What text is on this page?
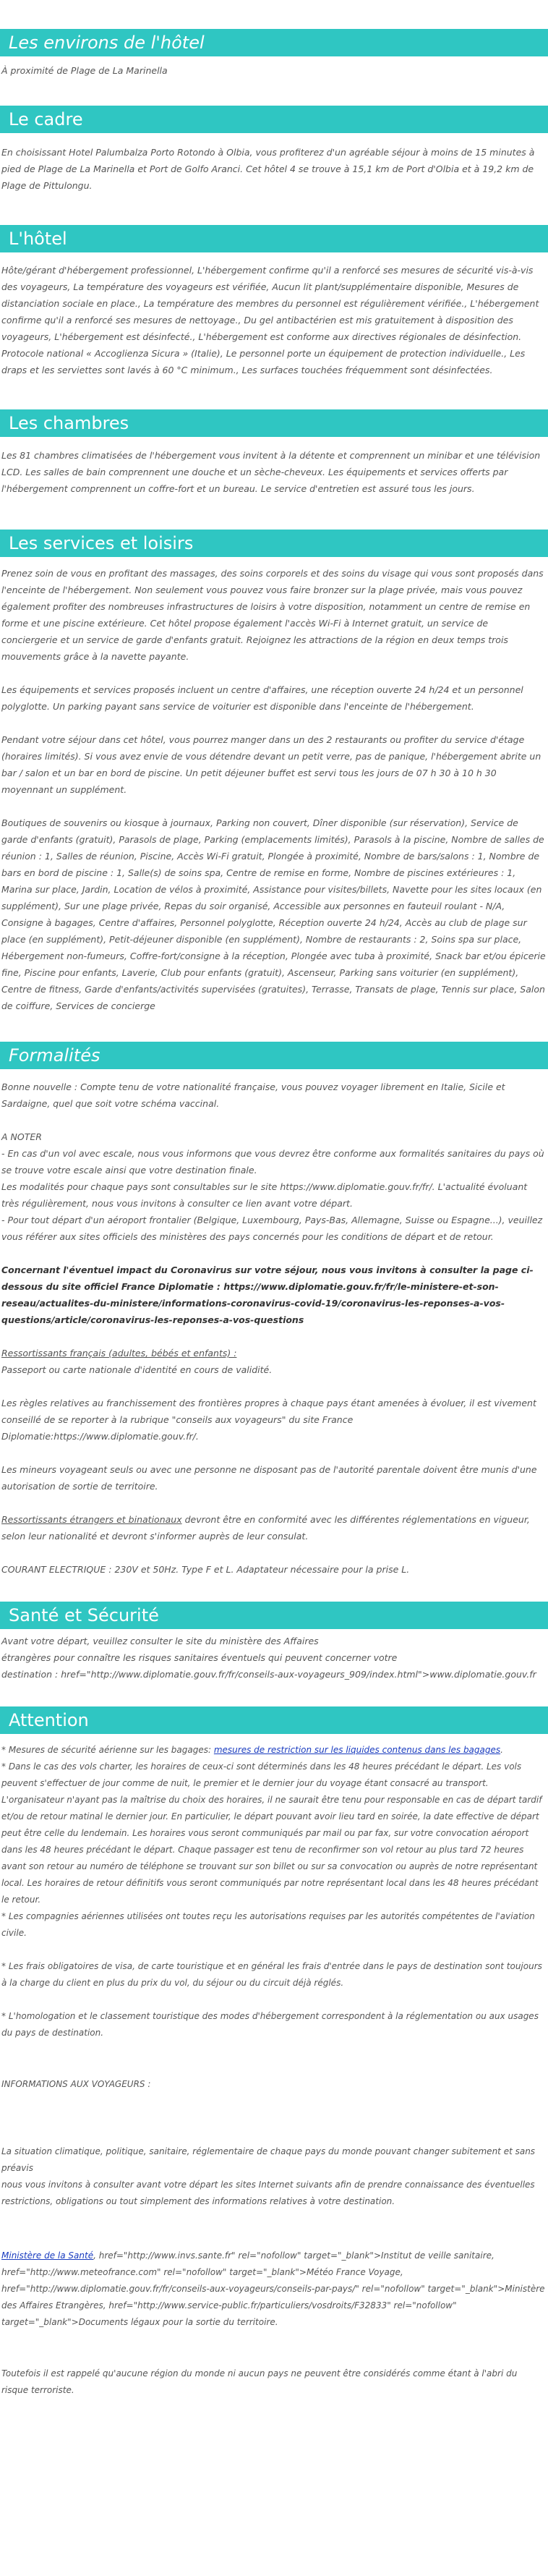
Les environs de l'hôtel

À proximité de Plage de La Marinella

Le cadre

En choisissant Hotel Palumbalza Porto Rotondo à Olbia, vous profiterez d'un agréable séjour à moins de 15 minutes à pied de Plage de La Marinella et Port de Golfo Aranci. Cet hôtel 4 se trouve à 15,1 km de Port d'Olbia et à 19,2 km de Plage de Pittulongu.

L'hôtel

Hôte/gérant d'hébergement professionnel, L'hébergement confirme qu'il a renforcé ses mesures de sécurité vis-à-vis des voyageurs, La température des voyageurs est vérifiée, Aucun lit plant/supplémentaire disponible, Mesures de distanciation sociale en place., La température des membres du personnel est régulièrement vérifiée., L'hébergement confirme qu'il a renforcé ses mesures de nettoyage., Du gel antibactérien est mis gratuitement à disposition des voyageurs, L'hébergement est désinfecté., L'hébergement est conforme aux directives régionales de désinfection. Protocole national « Accoglienza Sicura » (Italie), Le personnel porte un équipement de protection individuelle., Les draps et les serviettes sont lavés à 60 °C minimum., Les surfaces touchées fréquemment sont désinfectées.

Les chambres

Les 81 chambres climatisées de l'hébergement vous invitent à la détente et comprennent un minibar et une télévision LCD. Les salles de bain comprennent une douche et un sèche-cheveux. Les équipements et services offerts par l'hébergement comprennent un coffre-fort et un bureau. Le service d'entretien est assuré tous les jours.

Les services et loisirs

Prenez soin de vous en profitant des massages, des soins corporels et des soins du visage qui vous sont proposés dans l'enceinte de l'hébergement. Non seulement vous pouvez vous faire bronzer sur la plage privée, mais vous pouvez également profiter des nombreuses infrastructures de loisirs à votre disposition, notamment un centre de remise en forme et une piscine extérieure. Cet hôtel propose également l'accès Wi-Fi à Internet gratuit, un service de conciergerie et un service de garde d'enfants gratuit. Rejoignez les attractions de la région en deux temps trois mouvements grâce à la navette payante.

Les équipements et services proposés incluent un centre d'affaires, une réception ouverte 24 h/24 et un personnel polyglotte. Un parking payant sans service de voiturier est disponible dans l'enceinte de l'hébergement.

Pendant votre séjour dans cet hôtel, vous pourrez manger dans un des 2 restaurants ou profiter du service d'étage (horaires limités). Si vous avez envie de vous détendre devant un petit verre, pas de panique, l'hébergement abrite un bar / salon et un bar en bord de piscine. Un petit déjeuner buffet est servi tous les jours de 07 h 30 à 10 h 30 moyennant un supplément.

Boutiques de souvenirs ou kiosque à journaux, Parking non couvert, Dîner disponible (sur réservation), Service de garde d'enfants (gratuit), Parasols de plage, Parking (emplacements limités), Parasols à la piscine, Nombre de salles de réunion : 1, Salles de réunion, Piscine, Accès Wi-Fi gratuit, Plongée à proximité, Nombre de bars/salons : 1, Nombre de bars en bord de piscine : 1, Salle(s) de soins spa, Centre de remise en forme, Nombre de piscines extérieures : 1, Marina sur place, Jardin, Location de vélos à proximité, Assistance pour visites/billets, Navette pour les sites locaux (en supplément), Sur une plage privée, Repas du soir organisé, Accessible aux personnes en fauteuil roulant - N/A, Consigne à bagages, Centre d'affaires, Personnel polyglotte, Réception ouverte 24 h/24, Accès au club de plage sur place (en supplément), Petit-déjeuner disponible (en supplément), Nombre de restaurants : 2, Soins spa sur place, Hébergement non-fumeurs, Coffre-fort/consigne à la réception, Plongée avec tuba à proximité, Snack bar et/ou épicerie fine, Piscine pour enfants, Laverie, Club pour enfants (gratuit), Ascenseur, Parking sans voiturier (en supplément), Centre de fitness, Garde d'enfants/activités supervisées (gratuites), Terrasse, Transats de plage, Tennis sur place, Salon de coiffure, Services de concierge

Formalités

Bonne nouvelle : Compte tenu de votre nationalité française, vous pouvez voyager librement en Italie, Sicile et Sardaigne, quel que soit votre schéma vaccinal.

A NOTER
- En cas d'un vol avec escale, nous vous informons que vous devrez être conforme aux formalités sanitaires du pays où se trouve votre escale ainsi que votre destination finale.
Les modalités pour chaque pays sont consultables sur le site https://www.diplomatie.gouv.fr/fr/. L'actualité évoluant très régulièrement, nous vous invitons à consulter ce lien avant votre départ.
- Pour tout départ d'un aéroport frontalier (Belgique, Luxembourg, Pays-Bas, Allemagne, Suisse ou Espagne...), veuillez vous référer aux sites officiels des ministères des pays concernés pour les conditions de départ et de retour.

Concernant l'éventuel impact du Coronavirus sur votre séjour, nous vous invitons à consulter la page ci-dessous du site officiel France Diplomatie : https://www.diplomatie.gouv.fr/fr/le-ministere-et-son-reseau/actualites-du-ministere/informations-coronavirus-covid-19/coronavirus-les-reponses-a-vos-questions/article/coronavirus-les-reponses-a-vos-questions

Ressortissants français (adultes, bébés et enfants) :
Passeport ou carte nationale d'identité en cours de validité.

Les règles relatives au franchissement des frontières propres à chaque pays étant amenées à évoluer, il est vivement conseillé de se reporter à la rubrique "conseils aux voyageurs" du site France Diplomatie:https://www.diplomatie.gouv.fr/.

Les mineurs voyageant seuls ou avec une personne ne disposant pas de l'autorité parentale doivent être munis d'une autorisation de sortie de territoire.

Ressortissants étrangers et binationaux devront être en conformité avec les différentes réglementations en vigueur, selon leur nationalité et devront s'informer auprès de leur consulat.

COURANT ELECTRIQUE : 230V et 50Hz. Type F et L. Adaptateur nécessaire pour la prise L.

Santé et Sécurité

Avant votre départ, veuillez consulter le site du ministère des Affaires
étrangères pour connaître les risques sanitaires éventuels qui peuvent concerner votre
destination : href="http://www.diplomatie.gouv.fr/fr/conseils-aux-voyageurs_909/index.html">www.diplomatie.gouv.fr

Attention

* Mesures de sécurité aérienne sur les bagages: mesures de restriction sur les liquides contenus dans les bagages.
* Dans le cas des vols charter, les horaires de ceux-ci sont déterminés dans les 48 heures précédant le départ. Les vols peuvent s'effectuer de jour comme de nuit, le premier et le dernier jour du voyage étant consacré au transport. L'organisateur n'ayant pas la maîtrise du choix des horaires, il ne saurait être tenu pour responsable en cas de départ tardif et/ou de retour matinal le dernier jour. En particulier, le départ pouvant avoir lieu tard en soirée, la date effective de départ peut être celle du lendemain. Les horaires vous seront communiqués par mail ou par fax, sur votre convocation aéroport dans les 48 heures précédant le départ. Chaque passager est tenu de reconfirmer son vol retour au plus tard 72 heures avant son retour au numéro de téléphone se trouvant sur son billet ou sur sa convocation ou auprès de notre représentant local. Les horaires de retour définitifs vous seront communiqués par notre représentant local dans les 48 heures précédant le retour.
* Les compagnies aériennes utilisées ont toutes reçu les autorisations requises par les autorités compétentes de l'aviation civile.

* Les frais obligatoires de visa, de carte touristique et en général les frais d'entrée dans le pays de destination sont toujours à la charge du client en plus du prix du vol, du séjour ou du circuit déjà réglés.

* L'homologation et le classement touristique des modes d'hébergement correspondent à la réglementation ou aux usages du pays de destination.

INFORMATIONS AUX VOYAGEURS :

La situation climatique, politique, sanitaire, réglementaire de chaque pays du monde pouvant changer subitement et sans préavis
nous vous invitons à consulter avant votre départ les sites Internet suivants afin de prendre connaissance des éventuelles restrictions, obligations ou tout simplement des informations relatives à votre destination.

Ministère de la Santé, href="http://www.invs.sante.fr" rel="nofollow" target="_blank">Institut de veille sanitaire, href="http://www.meteofrance.com" rel="nofollow" target="_blank">Météo France Voyage, href="http://www.diplomatie.gouv.fr/fr/conseils-aux-voyageurs/conseils-par-pays/" rel="nofollow" target="_blank">Ministère des Affaires Etrangères, href="http://www.service-public.fr/particuliers/vosdroits/F32833" rel="nofollow" target="_blank">Documents légaux pour la sortie du territoire.

Toutefois il est rappelé qu'aucune région du monde ni aucun pays ne peuvent être considérés comme étant à l'abri du risque terroriste.
